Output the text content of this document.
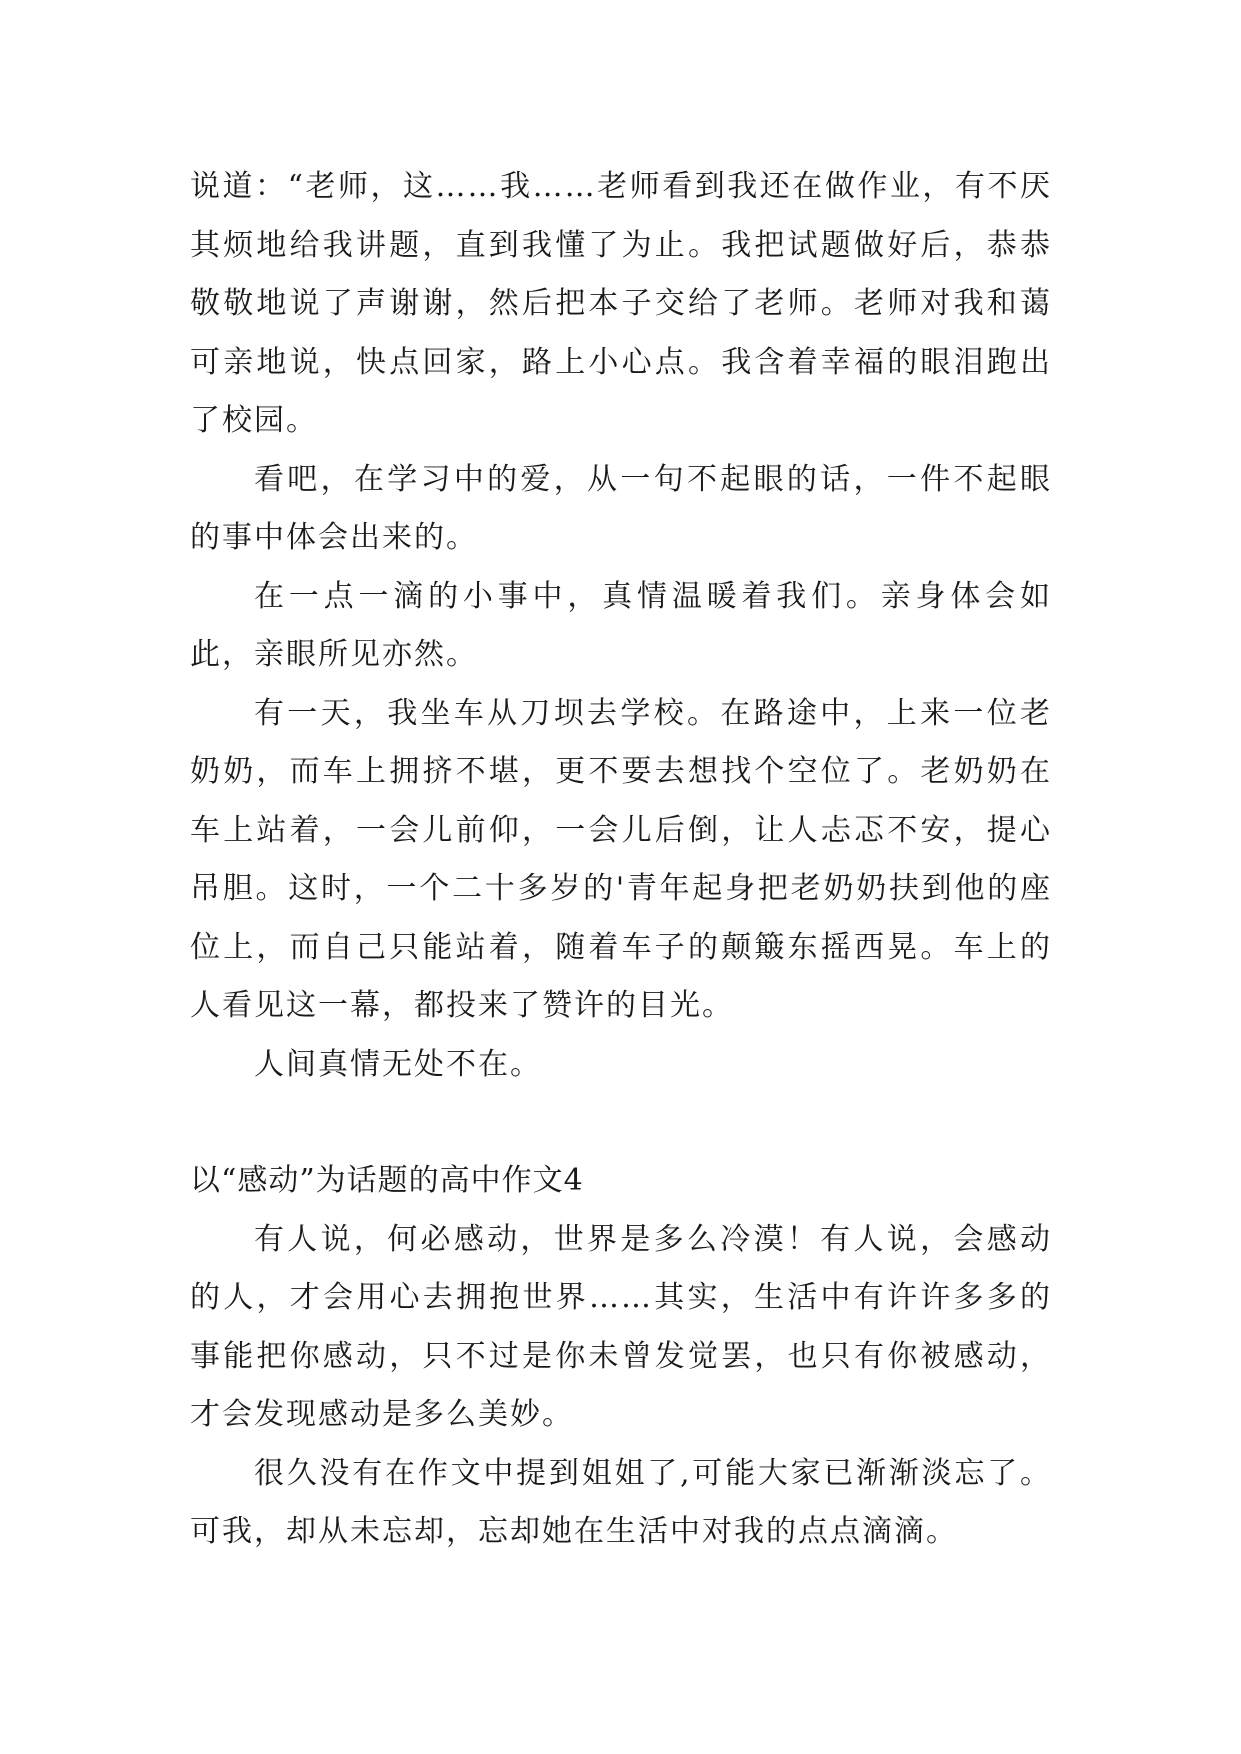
说道：“老师，这……我……老师看到我还在做作业，有不厌其烦地给我讲题，直到我懂了为止。我把试题做好后，恭恭敬敬地说了声谢谢，然后把本子交给了老师。老师对我和蔼可亲地说，快点回家，路上小心点。我含着幸福的眼泪跑出了校园。

看吧，在学习中的爱，从一句不起眼的话，一件不起眼的事中体会出来的。

在一点一滴的小事中，真情温暖着我们。亲身体会如此，亲眼所见亦然。

有一天，我坐车从刀坝去学校。在路途中，上来一位老奶奶，而车上拥挤不堪，更不要去想找个空位了。老奶奶在车上站着，一会儿前仰，一会儿后倒，让人忐忑不安，提心吊胆。这时，一个二十多岁的'青年起身把老奶奶扶到他的座位上，而自己只能站着，随着车子的颠簸东摇西晃。车上的人看见这一幕，都投来了赞许的目光。

人间真情无处不在。

以“感动”为话题的高中作文4

有人说，何必感动，世界是多么冷漠！有人说，会感动的人，才会用心去拥抱世界……其实，生活中有许许多多的事能把你感动，只不过是你未曾发觉罢，也只有你被感动，才会发现感动是多么美妙。

很久没有在作文中提到姐姐了,可能大家已渐渐淡忘了。可我，却从未忘却，忘却她在生活中对我的点点滴滴。
